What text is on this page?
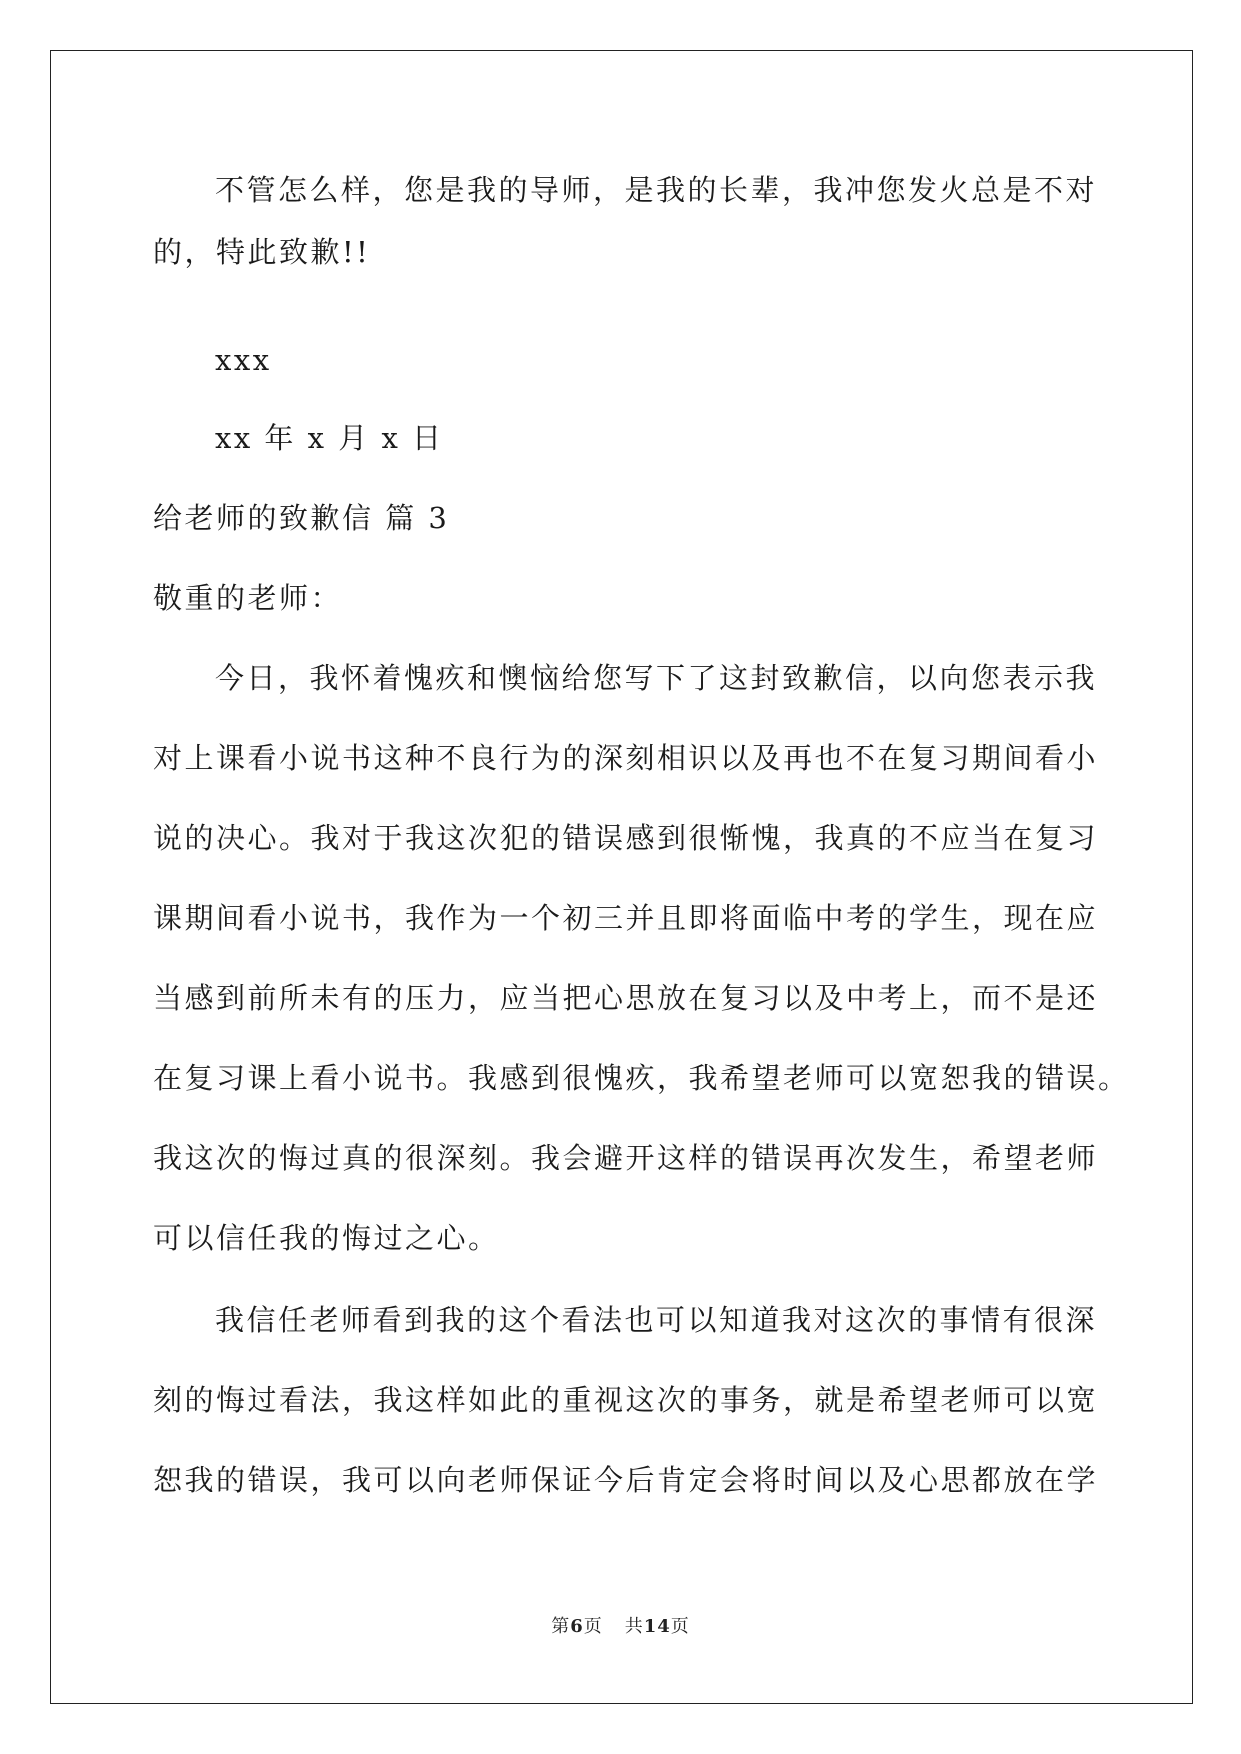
不管怎么样，您是我的导师，是我的长辈，我冲您发火总是不对
的，特此致歉!!
xxx
xx 年 x 月 x 日
给老师的致歉信 篇 3
敬重的老师：
今日，我怀着愧疚和懊恼给您写下了这封致歉信，以向您表示我
对上课看小说书这种不良行为的深刻相识以及再也不在复习期间看小
说的决心。我对于我这次犯的错误感到很惭愧，我真的不应当在复习
课期间看小说书，我作为一个初三并且即将面临中考的学生，现在应
当感到前所未有的压力，应当把心思放在复习以及中考上，而不是还
在复习课上看小说书。我感到很愧疚，我希望老师可以宽恕我的错误。
我这次的悔过真的很深刻。我会避开这样的错误再次发生，希望老师
可以信任我的悔过之心。
我信任老师看到我的这个看法也可以知道我对这次的事情有很深
刻的悔过看法，我这样如此的重视这次的事务，就是希望老师可以宽
恕我的错误，我可以向老师保证今后肯定会将时间以及心思都放在学
第6页 共14页
